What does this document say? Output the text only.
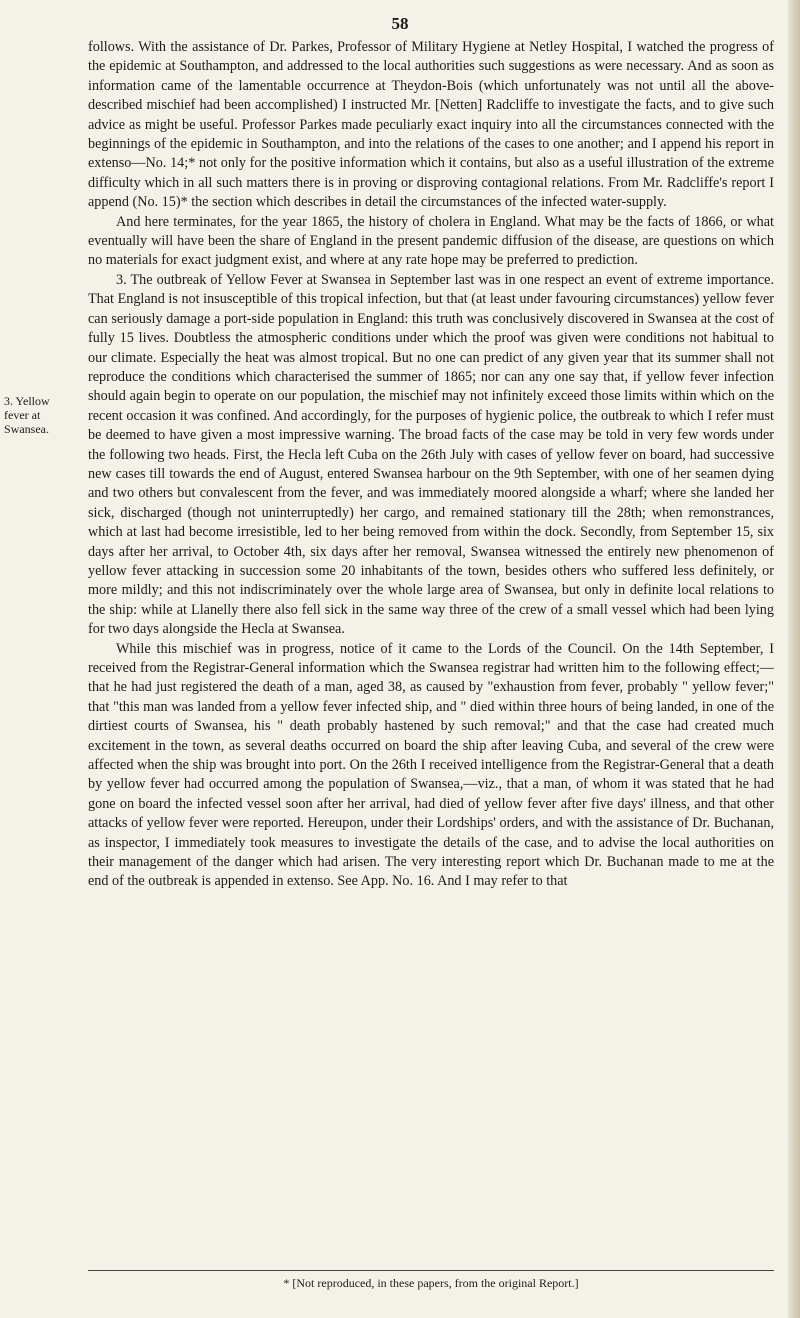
58
3. Yellow
fever at
Swansea.

follows. With the assistance of Dr. Parkes, Professor of Military Hygiene at Netley Hospital, I watched the progress of the epidemic at Southampton, and addressed to the local authorities such suggestions as were necessary. And as soon as information came of the lamentable occurrence at Theydon-Bois (which unfortunately was not until all the above-described mischief had been accomplished) I instructed Mr. [Netten] Radcliffe to investigate the facts, and to give such advice as might be useful. Professor Parkes made peculiarly exact inquiry into all the circumstances connected with the beginnings of the epidemic in Southampton, and into the relations of the cases to one another; and I append his report in extenso—No. 14;* not only for the positive information which it contains, but also as a useful illustration of the extreme difficulty which in all such matters there is in proving or disproving contagional relations. From Mr. Radcliffe's report I append (No. 15)* the section which describes in detail the circumstances of the infected water-supply.

And here terminates, for the year 1865, the history of cholera in England. What may be the facts of 1866, or what eventually will have been the share of England in the present pandemic diffusion of the disease, are questions on which no materials for exact judgment exist, and where at any rate hope may be preferred to prediction.

3. The outbreak of Yellow Fever at Swansea in September last was in one respect an event of extreme importance. That England is not insusceptible of this tropical infection, but that (at least under favouring circumstances) yellow fever can seriously damage a port-side population in England: this truth was conclusively discovered in Swansea at the cost of fully 15 lives. Doubtless the atmospheric conditions under which the proof was given were conditions not habitual to our climate. Especially the heat was almost tropical. But no one can predict of any given year that its summer shall not reproduce the conditions which characterised the summer of 1865; nor can any one say that, if yellow fever infection should again begin to operate on our population, the mischief may not infinitely exceed those limits within which on the recent occasion it was confined. And accordingly, for the purposes of hygienic police, the outbreak to which I refer must be deemed to have given a most impressive warning. The broad facts of the case may be told in very few words under the following two heads. First, the Hecla left Cuba on the 26th July with cases of yellow fever on board, had successive new cases till towards the end of August, entered Swansea harbour on the 9th September, with one of her seamen dying and two others but convalescent from the fever, and was immediately moored alongside a wharf; where she landed her sick, discharged (though not uninterruptedly) her cargo, and remained stationary till the 28th; when remonstrances, which at last had become irresistible, led to her being removed from within the dock. Secondly, from September 15, six days after her arrival, to October 4th, six days after her removal, Swansea witnessed the entirely new phenomenon of yellow fever attacking in succession some 20 inhabitants of the town, besides others who suffered less definitely, or more mildly; and this not indiscriminately over the whole large area of Swansea, but only in definite local relations to the ship: while at Llanelly there also fell sick in the same way three of the crew of a small vessel which had been lying for two days alongside the Hecla at Swansea.

While this mischief was in progress, notice of it came to the Lords of the Council. On the 14th September, I received from the Registrar-General information which the Swansea registrar had written him to the following effect;—that he had just registered the death of a man, aged 38, as caused by "exhaustion from fever, probably " yellow fever;" that "this man was landed from a yellow fever infected ship, and " died within three hours of being landed, in one of the dirtiest courts of Swansea, his " death probably hastened by such removal;" and that the case had created much excitement in the town, as several deaths occurred on board the ship after leaving Cuba, and several of the crew were affected when the ship was brought into port. On the 26th I received intelligence from the Registrar-General that a death by yellow fever had occurred among the population of Swansea,—viz., that a man, of whom it was stated that he had gone on board the infected vessel soon after her arrival, had died of yellow fever after five days' illness, and that other attacks of yellow fever were reported. Hereupon, under their Lordships' orders, and with the assistance of Dr. Buchanan, as inspector, I immediately took measures to investigate the details of the case, and to advise the local authorities on their management of the danger which had arisen. The very interesting report which Dr. Buchanan made to me at the end of the outbreak is appended in extenso. See App. No. 16. And I may refer to that

* [Not reproduced, in these papers, from the original Report.]
